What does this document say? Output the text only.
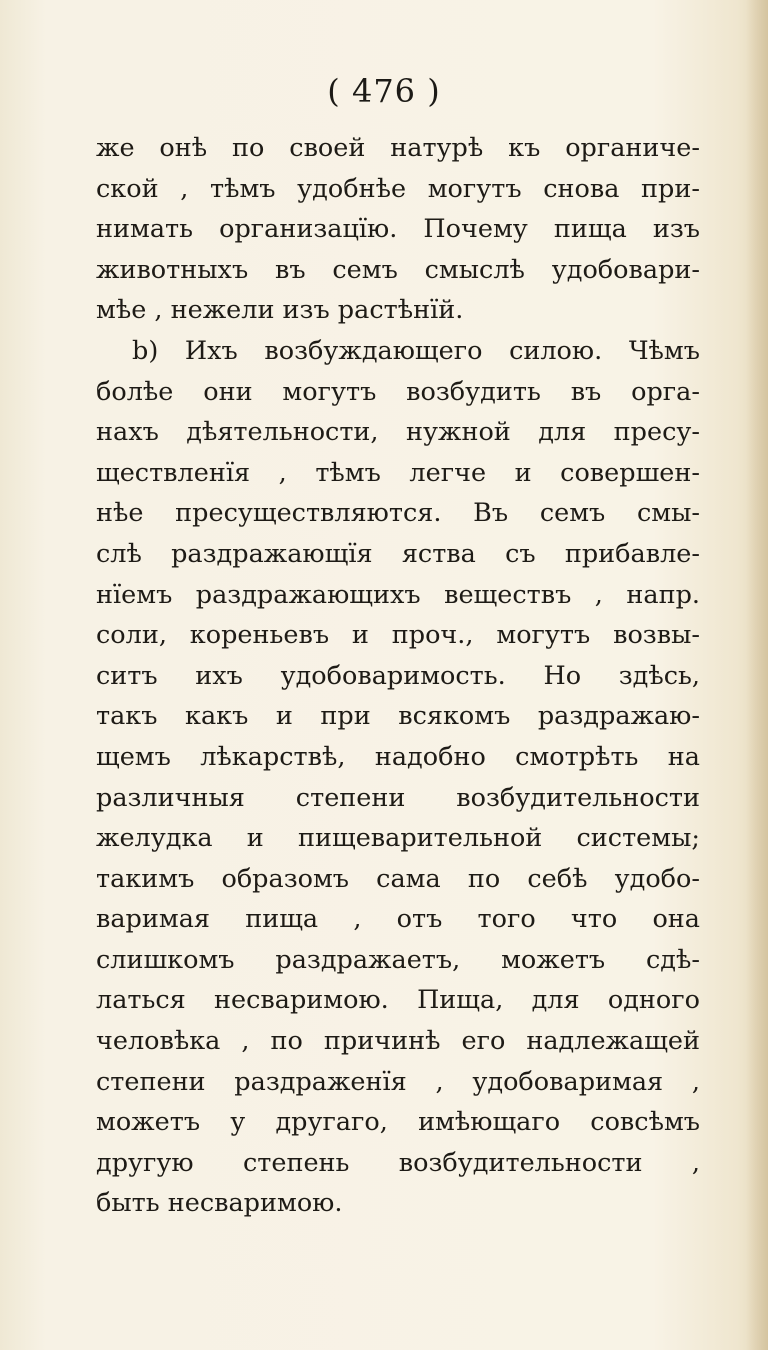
( 476 )
же онѣ по своей натурѣ къ органиче-
ской , тѣмъ удобнѣе могутъ снова при-
нимать организацїю. Почему пища изъ
животныхъ въ семъ смыслѣ удобовари-
мѣе , нежели изъ растѣнїй.
b) Ихъ возбуждающего силою. Чѣмъ
болѣе они могутъ возбудить въ орга-
нахъ дѣятельности, нужной для пресу-
ществленїя , тѣмъ легче и совершен-
нѣе пресуществляются. Въ семъ смы-
слѣ раздражающїя яства съ прибавле-
нїемъ раздражающихъ веществъ , напр.
соли, кореньевъ и проч., могутъ возвы-
ситъ ихъ удобоваримость. Но здѣсь,
такъ какъ и при всякомъ раздражаю-
щемъ лѣкарствѣ, надобно смотрѣть на
различныя степени возбудительности
желудка и пищеварительной системы;
такимъ образомъ сама по себѣ удобо-
варимая пища , отъ того что она
слишкомъ раздражаетъ, можетъ сдѣ-
латься несваримою. Пища, для одного
человѣка , по причинѣ его надлежащей
степени раздраженїя , удобоваримая ,
можетъ у другаго, имѣющаго совсѣмъ
другую степень возбудительности ,
быть несваримою.
